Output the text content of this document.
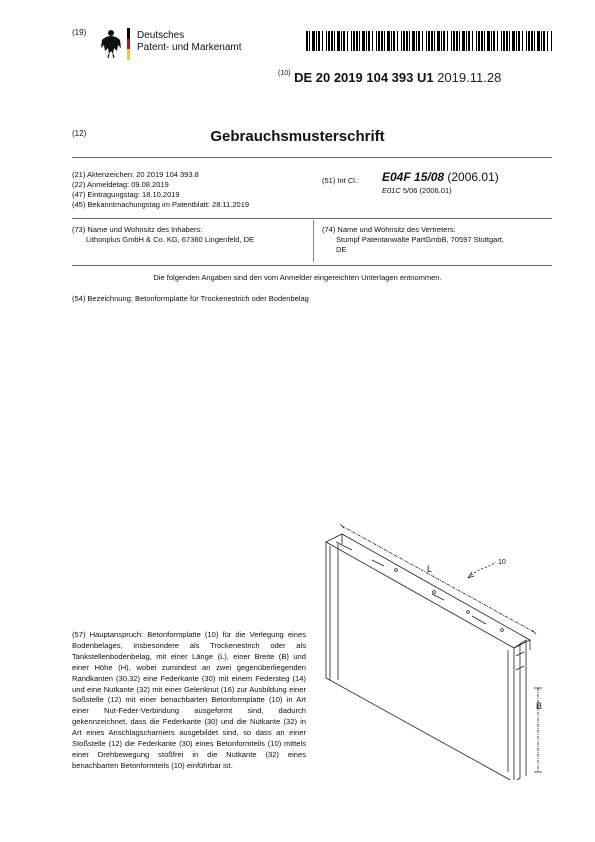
(19)	Deutsches
Patent- und Markenamt
$^{(10)}$ DE 20 2019 104 393 U1 2019.11.28
(12)	Gebrauchsmusterschrift
(21) Aktenzeichen: 20 2019 104 393.8
(22) Anmeldetag: 09.08.2019
(47) Eintragungstag: 18.10.2019
(45) Bekanntmachungstag im Patentblatt: 28.11.2019
(51) Int Cl.: E04F 15/08 (2006.01)
E01C 5/06 (2006.01)
(73) Name und Wohnsitz des Inhabers:
Lithonplus GmbH & Co. KG, 67360 Lingenfeld, DE
(74) Name und Wohnsitz des Vertreters:
Stumpf Patentanwälte PartGmbB, 70597 Stuttgart,
DE
Die folgenden Angaben sind den vom Anmelder eingereichten Unterlagen entnommen.
(54) Bezeichnung: Betonformplatte für Trockenestrich oder Bodenbelag
(57) Hauptanspruch: Betonformplatte (10) für die Verlegung eines Bodenbelages, insbesondere als Trockenestrich oder als Tankstellenbodenbelag, mit einer Länge (L), einer Breite (B) und einer Höhe (H), wobei zumindest an zwei gegenüberliegenden Randkanten (30,32) eine Federkante (30) mit einem Federsteg (14) und eine Nutkante (32) mit einer Gelenknut (16) zur Ausbildung einer Soßstelle (12) mit einer benachbarten Betonformplatte (10) in Art einer Nut-Feder-Verbindung ausgeformt sind, dadurch gekennzeichnet, dass die Federkante (30) und die Nutkante (32) in Art eines Anschlagscharniers ausgebildet sind, so dass an einer Stoßstelle (12) die Federkante (30) eines Betonformteils (10) mittels einer Drehbewegung stoßfrei in die Nutkante (32) eines benachbarten Betonformteils (10) einführbar ist.
L
10
B
